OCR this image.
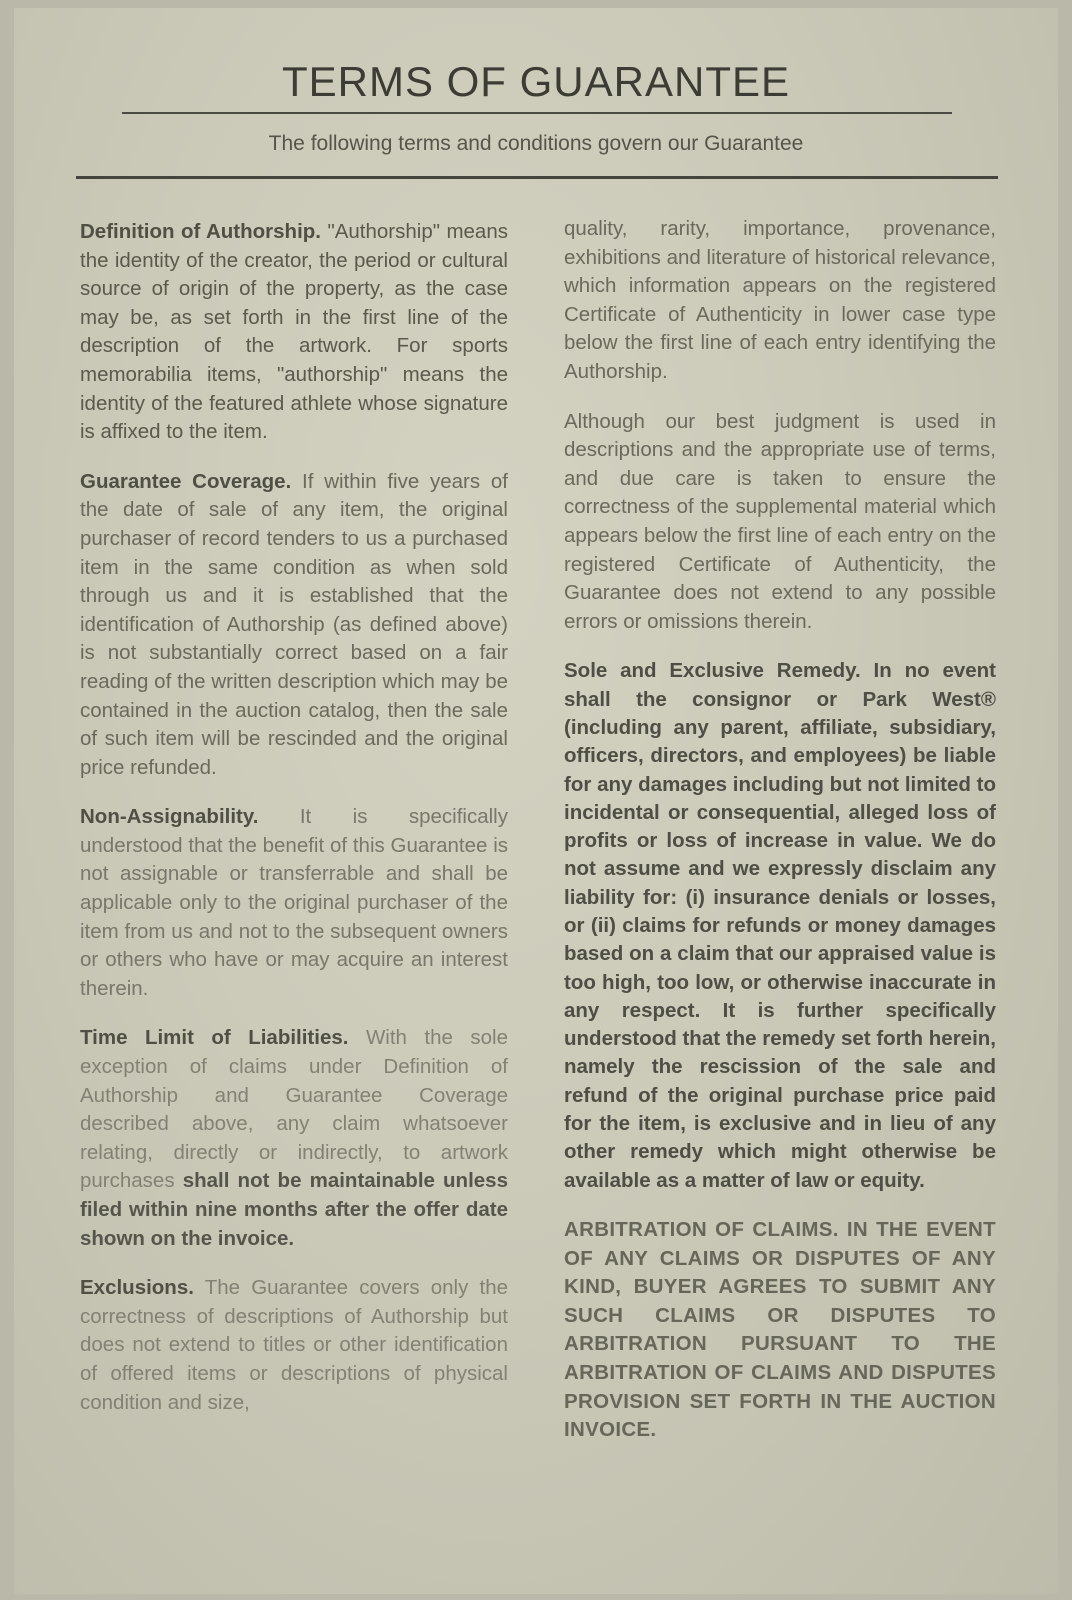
TERMS OF GUARANTEE
The following terms and conditions govern our Guarantee

Definition of Authorship. "Authorship" means the identity of the creator, the period or cultural source of origin of the property, as the case may be, as set forth in the first line of the description of the artwork. For sports memorabilia items, "authorship" means the identity of the featured athlete whose signature is affixed to the item.

Guarantee Coverage. If within five years of the date of sale of any item, the original purchaser of record tenders to us a purchased item in the same condition as when sold through us and it is established that the identification of Authorship (as defined above) is not substantially correct based on a fair reading of the written description which may be contained in the auction catalog, then the sale of such item will be rescinded and the original price refunded.

Non-Assignability. It is specifically understood that the benefit of this Guarantee is not assignable or transferrable and shall be applicable only to the original purchaser of the item from us and not to the subsequent owners or others who have or may acquire an interest therein.

Time Limit of Liabilities. With the sole exception of claims under Definition of Authorship and Guarantee Coverage described above, any claim whatsoever relating, directly or indirectly, to artwork purchases shall not be maintainable unless filed within nine months after the offer date shown on the invoice.

Exclusions. The Guarantee covers only the correctness of descriptions of Authorship but does not extend to titles or other identification of offered items or descriptions of physical condition and size,

quality, rarity, importance, provenance, exhibitions and literature of historical relevance, which information appears on the registered Certificate of Authenticity in lower case type below the first line of each entry identifying the Authorship.

Although our best judgment is used in descriptions and the appropriate use of terms, and due care is taken to ensure the correctness of the supplemental material which appears below the first line of each entry on the registered Certificate of Authenticity, the Guarantee does not extend to any possible errors or omissions therein.

Sole and Exclusive Remedy. In no event shall the consignor or Park West® (including any parent, affiliate, subsidiary, officers, directors, and employees) be liable for any damages including but not limited to incidental or consequential, alleged loss of profits or loss of increase in value. We do not assume and we expressly disclaim any liability for: (i) insurance denials or losses, or (ii) claims for refunds or money damages based on a claim that our appraised value is too high, too low, or otherwise inaccurate in any respect. It is further specifically understood that the remedy set forth herein, namely the rescission of the sale and refund of the original purchase price paid for the item, is exclusive and in lieu of any other remedy which might otherwise be available as a matter of law or equity.

ARBITRATION OF CLAIMS. IN THE EVENT OF ANY CLAIMS OR DISPUTES OF ANY KIND, BUYER AGREES TO SUBMIT ANY SUCH CLAIMS OR DISPUTES TO ARBITRATION PURSUANT TO THE ARBITRATION OF CLAIMS AND DISPUTES PROVISION SET FORTH IN THE AUCTION INVOICE.
